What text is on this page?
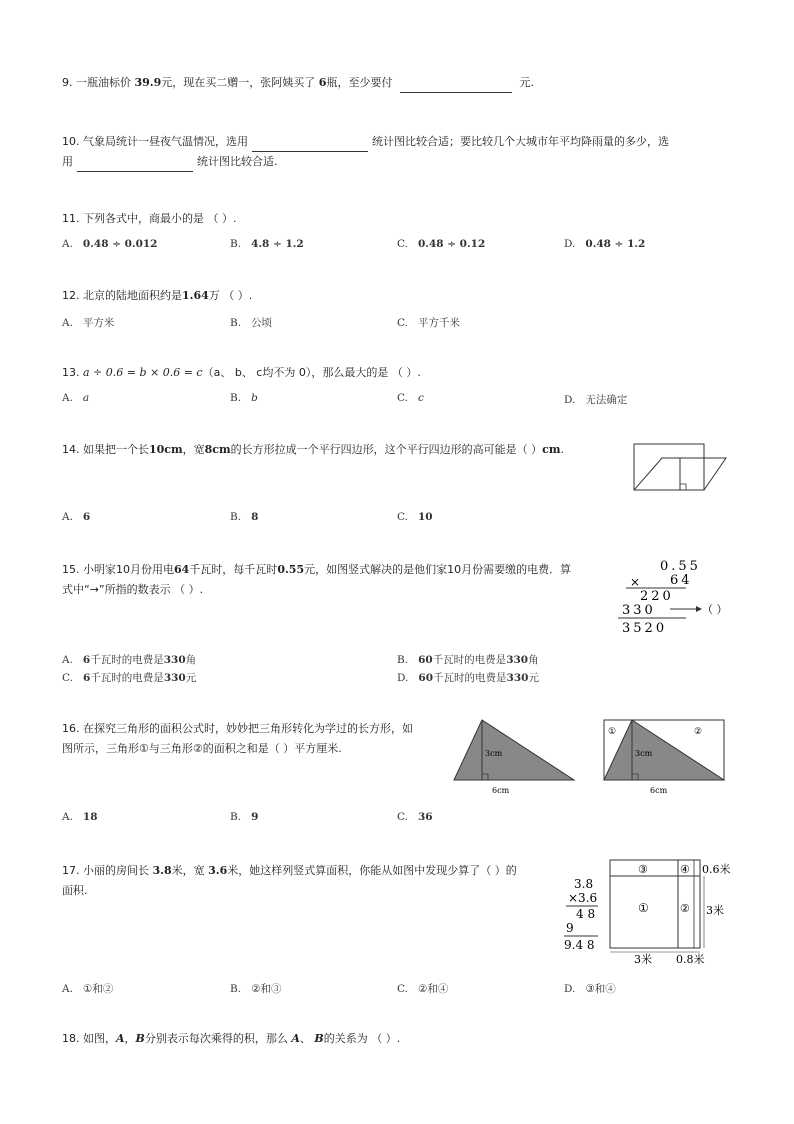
9. 一瓶油标价 39.9元，现在买二赠一，张阿姨买了 6瓶，至少要付	元.
10. 气象局统计一昼夜气温情况，选用	统计图比较合适；要比较几个大城市年平均降雨量的多少，选
用	统计图比较合适.
11. 下列各式中，商最小的是 （ ）.
A. 0.48 ÷ 0.012	B. 4.8 ÷ 1.2	C. 0.48 ÷ 0.12	D. 0.48 ÷ 1.2
12. 北京的陆地面积约是1.64万 （ ）.
A. 平方米	B. 公顷	C. 平方千米
13. a ÷ 0.6 = b × 0.6 = c（a、 b、 c均不为 0），那么最大的是 （ ）.
A. a	B. b	C. c	D. 无法确定
14. 如果把一个长10cm，宽8cm的长方形拉成一个平行四边形，这个平行四边形的高可能是（ ）cm.
A. 6	B. 8	C. 10
15. 小明家10月份用电64千瓦时，每千瓦时0.55元，如图竖式解决的是他们家10月份需要缴的电费．算
式中“→”所指的数表示 （ ）.
0.55
64
×
220
330	（ ）
3520
A. 6千瓦时的电费是330角	B. 60千瓦时的电费是330角
C. 6千瓦时的电费是330元	D. 60千瓦时的电费是330元
16. 在探究三角形的面积公式时，妙妙把三角形转化为学过的长方形，如
图所示，三角形①与三角形②的面积之和是（ ）平方厘米.	3cm
6cm
3cm
①	②
6cm
A. 18	B. 9	C. 36
17. 小丽的房间长 3.8米，宽 3.6米，她这样列竖式算面积，你能从如图中发现少算了（ ）的
面积.	3.8
×3.6
4 8
9
9.4 8
③	④
①	②
0.6米
3米
3米 0.8米
A. ①和②	B. ②和③	C. ②和④	D. ③和④
18. 如图，A，B分别表示每次乘得的积，那么 A、 B的关系为 （ ）.
